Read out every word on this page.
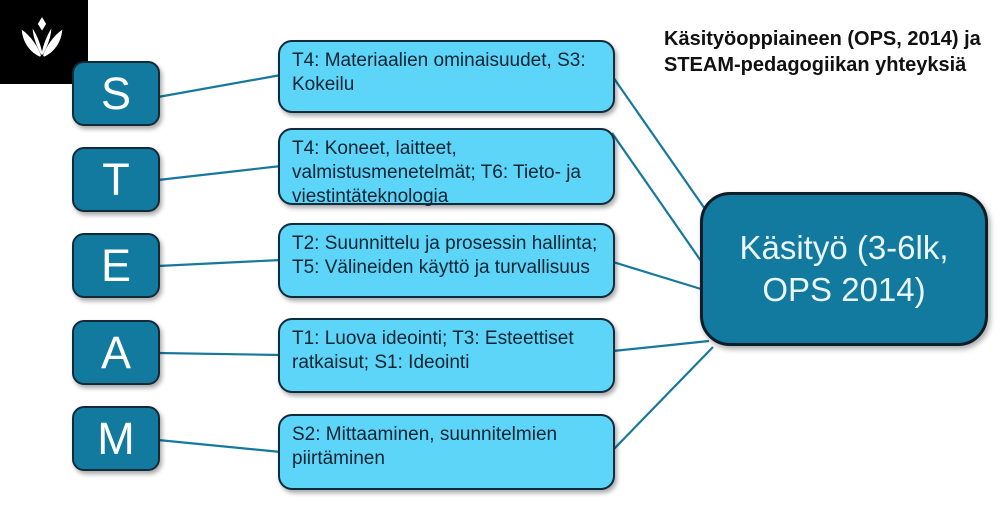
Käsityöoppiaineen (OPS, 2014) ja STEAM-pedagogiikan yhteyksiä
S
T
E
A
M
T4: Materiaalien ominaisuudet, S3: Kokeilu
T4: Koneet, laitteet, valmistusmenetelmät; T6: Tieto- ja viestintäteknologia
T2: Suunnittelu ja prosessin hallinta; T5: Välineiden käyttö ja turvallisuus
T1: Luova ideointi; T3: Esteettiset ratkaisut; S1: Ideointi
S2: Mittaaminen, suunnitelmien piirtäminen
Käsityö (3-6lk, OPS 2014)
